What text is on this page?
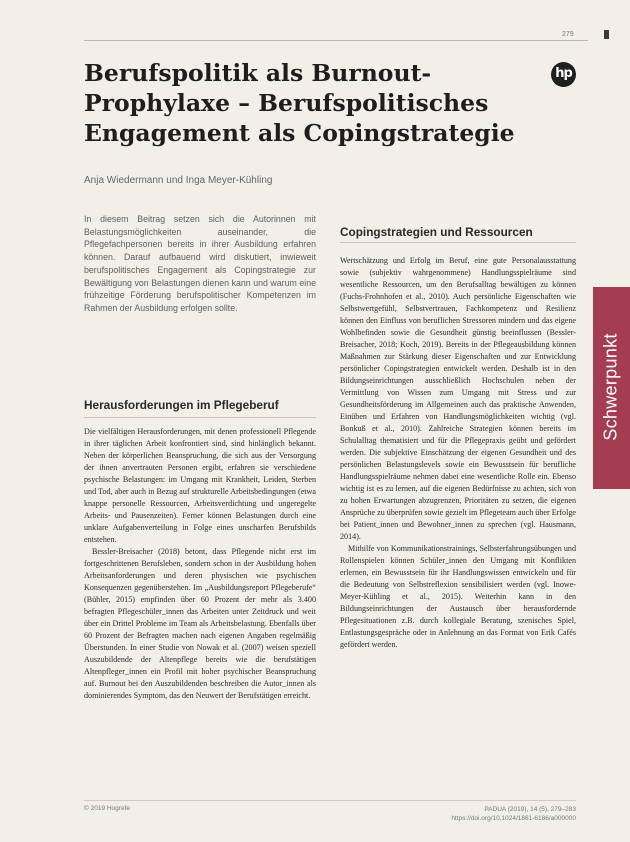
279
Schwerpunkt
hp
Berufspolitik als Burnout-
Prophylaxe – Berufspolitisches
Engagement als Copingstrategie

Anja Wiedermann und Inga Meyer-Kühling

In diesem Beitrag setzen sich die Autorinnen mit Belastungsmöglichkeiten auseinander, die Pflegefachpersonen bereits in ihrer Ausbildung erfahren können. Darauf aufbauend wird diskutiert, inwieweit berufspolitisches Engagement als Copingstrategie zur Bewältigung von Belastungen dienen kann und warum eine frühzeitige Förderung berufspolitischer Kompetenzen im Rahmen der Ausbildung erfolgen sollte.

Herausforderungen im Pflegeberuf

Die vielfältigen Herausforderungen, mit denen professionell Pflegende in ihrer täglichen Arbeit konfrontiert sind, sind hinlänglich bekannt. Neben der körperlichen Beanspruchung, die sich aus der Versorgung der ihnen anvertrauten Personen ergibt, erfahren sie verschiedene psychische Belastungen: im Umgang mit Krankheit, Leiden, Sterben und Tod, aber auch in Bezug auf strukturelle Arbeitsbedingungen (etwa knappe personelle Ressourcen, Arbeitsverdichtung und ungeregelte Arbeits- und Pausenzeiten). Ferner können Belastungen durch eine unklare Aufgabenverteilung in Folge eines unscharfen Berufsbilds entstehen.

Bessler-Breisacher (2018) betont, dass Pflegende nicht erst im fortgeschrittenen Berufsleben, sondern schon in der Ausbildung hohen Arbeitsanforderungen und deren physischen wie psychischen Konsequenzen gegenüberstehen. Im „Ausbildungsreport Pflegeberufe“ (Bühler, 2015) empfinden über 60 Prozent der mehr als 3.400 befragten Pflegeschüler_innen das Arbeiten unter Zeitdruck und weit über ein Drittel Probleme im Team als Arbeitsbelastung. Ebenfalls über 60 Prozent der Befragten machen nach eigenen Angaben regelmäßig Überstunden. In einer Studie von Nowak et al. (2007) weisen speziell Auszubildende der Altenpflege bereits wie die berufstätigen Altenpfleger_innen ein Profil mit hoher psychischer Beanspruchung auf. Burnout bei den Auszubildenden beschreiben die Autor_innen als dominierendes Symptom, das den Neuwert der Berufstätigen erreicht.

Copingstrategien und Ressourcen

Wertschätzung und Erfolg im Beruf, eine gute Personalausstattung sowie (subjektiv wahrgenommene) Handlungsspielräume sind wesentliche Ressourcen, um den Berufsalltag bewältigen zu können (Fuchs-Frohnhofen et al., 2010). Auch persönliche Eigenschaften wie Selbstwertgefühl, Selbstvertrauen, Fachkompetenz und Resilienz können den Einfluss von beruflichen Stressoren mindern und das eigene Wohlbefinden sowie die Gesundheit günstig beeinflussen (Bessler-Breisacher, 2018; Koch, 2019). Bereits in der Pflegeausbildung können Maßnahmen zur Stärkung dieser Eigenschaften und zur Entwicklung persönlicher Copingstrategien entwickelt werden. Deshalb ist in den Bildungseinrichtungen ausschließlich Hochschulen neben der Vermittlung von Wissen zum Umgang mit Stress und zur Gesundheitsförderung im Allgemeinen auch das praktische Anwenden, Einüben und Erfahren von Handlungsmöglichkeiten wichtig (vgl. Bonkuß et al., 2010). Zahlreiche Strategien können bereits im Schulalltag thematisiert und für die Pflegepraxis geübt und gefördert werden. Die subjektive Einschätzung der eigenen Gesundheit und des persönlichen Belastungslevels sowie ein Bewusstsein für berufliche Handlungsspielräume nehmen dabei eine wesentliche Rolle ein. Ebenso wichtig ist es zu lernen, auf die eigenen Bedürfnisse zu achten, sich von zu hohen Erwartungen abzugrenzen, Prioritäten zu setzen, die eigenen Ansprüche zu überprüfen sowie gezielt im Pflegeteam auch über Erfolge bei Patient_innen und Bewohner_innen zu sprechen (vgl. Hausmann, 2014).

Mithilfe von Kommunikationstrainings, Selbsterfahrungsübungen und Rollenspielen können Schüler_innen den Umgang mit Konflikten erlernen, ein Bewusstsein für ihr Handlungswissen entwickeln und für die Bedeutung von Selbstreflexion sensibilisiert werden (vgl. Inowe-Meyer-Kühling et al., 2015). Weiterhin kann in den Bildungseinrichtungen der Austausch über herausfordernde Pflegesituationen z.B. durch kollegiale Beratung, szenisches Spiel, Entlastungsgespräche oder in Anlehnung an das Format von Erik Cafés gefördert werden.

© 2019 Hogrefe	PADUA (2019), 14 (5), 279–283
https://doi.org/10.1024/1861-6186/a000000
